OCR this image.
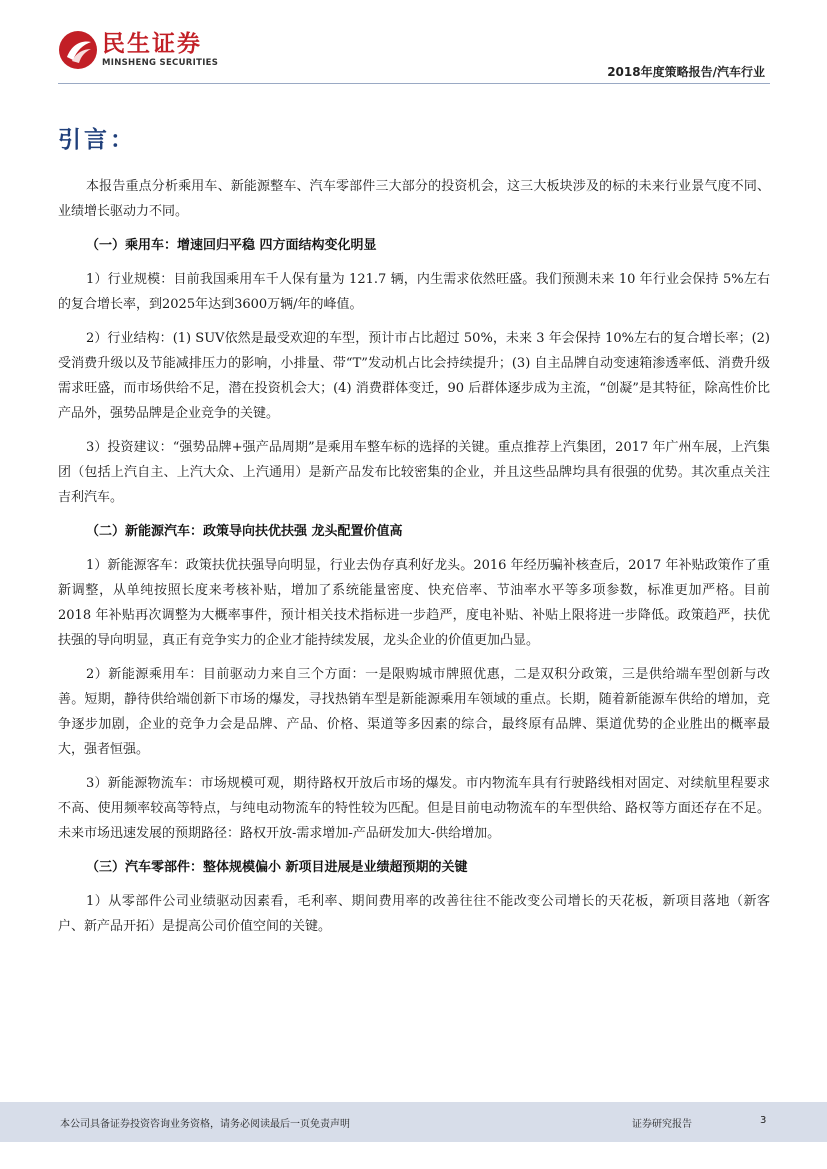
民生证券
MINSHENG SECURITIES
2018年度策略报告/汽车行业
引言：

本报告重点分析乘用车、新能源整车、汽车零部件三大部分的投资机会，这三大板块涉及的标的未来行业景气度不同、业绩增长驱动力不同。

（一）乘用车：增速回归平稳 四方面结构变化明显

1）行业规模：目前我国乘用车千人保有量为 121.7 辆，内生需求依然旺盛。我们预测未来 10 年行业会保持 5%左右的复合增长率，到2025年达到3600万辆/年的峰值。

2）行业结构：(1) SUV依然是最受欢迎的车型，预计市占比超过 50%，未来 3 年会保持 10%左右的复合增长率；(2) 受消费升级以及节能减排压力的影响，小排量、带“T”发动机占比会持续提升；(3) 自主品牌自动变速箱渗透率低、消费升级需求旺盛，而市场供给不足，潜在投资机会大；(4) 消费群体变迁，90 后群体逐步成为主流，“创凝”是其特征，除高性价比产品外，强势品牌是企业竞争的关键。

3）投资建议：“强势品牌+强产品周期”是乘用车整车标的选择的关键。重点推荐上汽集团，2017 年广州车展，上汽集团（包括上汽自主、上汽大众、上汽通用）是新产品发布比较密集的企业，并且这些品牌均具有很强的优势。其次重点关注吉利汽车。

（二）新能源汽车：政策导向扶优扶强 龙头配置价值高

1）新能源客车：政策扶优扶强导向明显，行业去伪存真利好龙头。2016 年经历骗补核查后，2017 年补贴政策作了重新调整，从单纯按照长度来考核补贴，增加了系统能量密度、快充倍率、节油率水平等多项参数，标准更加严格。目前 2018 年补贴再次调整为大概率事件，预计相关技术指标进一步趋严，度电补贴、补贴上限将进一步降低。政策趋严，扶优扶强的导向明显，真正有竞争实力的企业才能持续发展，龙头企业的价值更加凸显。

2）新能源乘用车：目前驱动力来自三个方面：一是限购城市牌照优惠，二是双积分政策，三是供给端车型创新与改善。短期，静待供给端创新下市场的爆发，寻找热销车型是新能源乘用车领域的重点。长期，随着新能源车供给的增加，竞争逐步加剧，企业的竞争力会是品牌、产品、价格、渠道等多因素的综合，最终原有品牌、渠道优势的企业胜出的概率最大，强者恒强。

3）新能源物流车：市场规模可观，期待路权开放后市场的爆发。市内物流车具有行驶路线相对固定、对续航里程要求不高、使用频率较高等特点，与纯电动物流车的特性较为匹配。但是目前电动物流车的车型供给、路权等方面还存在不足。未来市场迅速发展的预期路径：路权开放-需求增加-产品研发加大-供给增加。

（三）汽车零部件：整体规模偏小 新项目进展是业绩超预期的关键

1）从零部件公司业绩驱动因素看，毛利率、期间费用率的改善往往不能改变公司增长的天花板，新项目落地（新客户、新产品开拓）是提高公司价值空间的关键。

本公司具备证券投资咨询业务资格，请务必阅读最后一页免责声明	证券研究报告	3
